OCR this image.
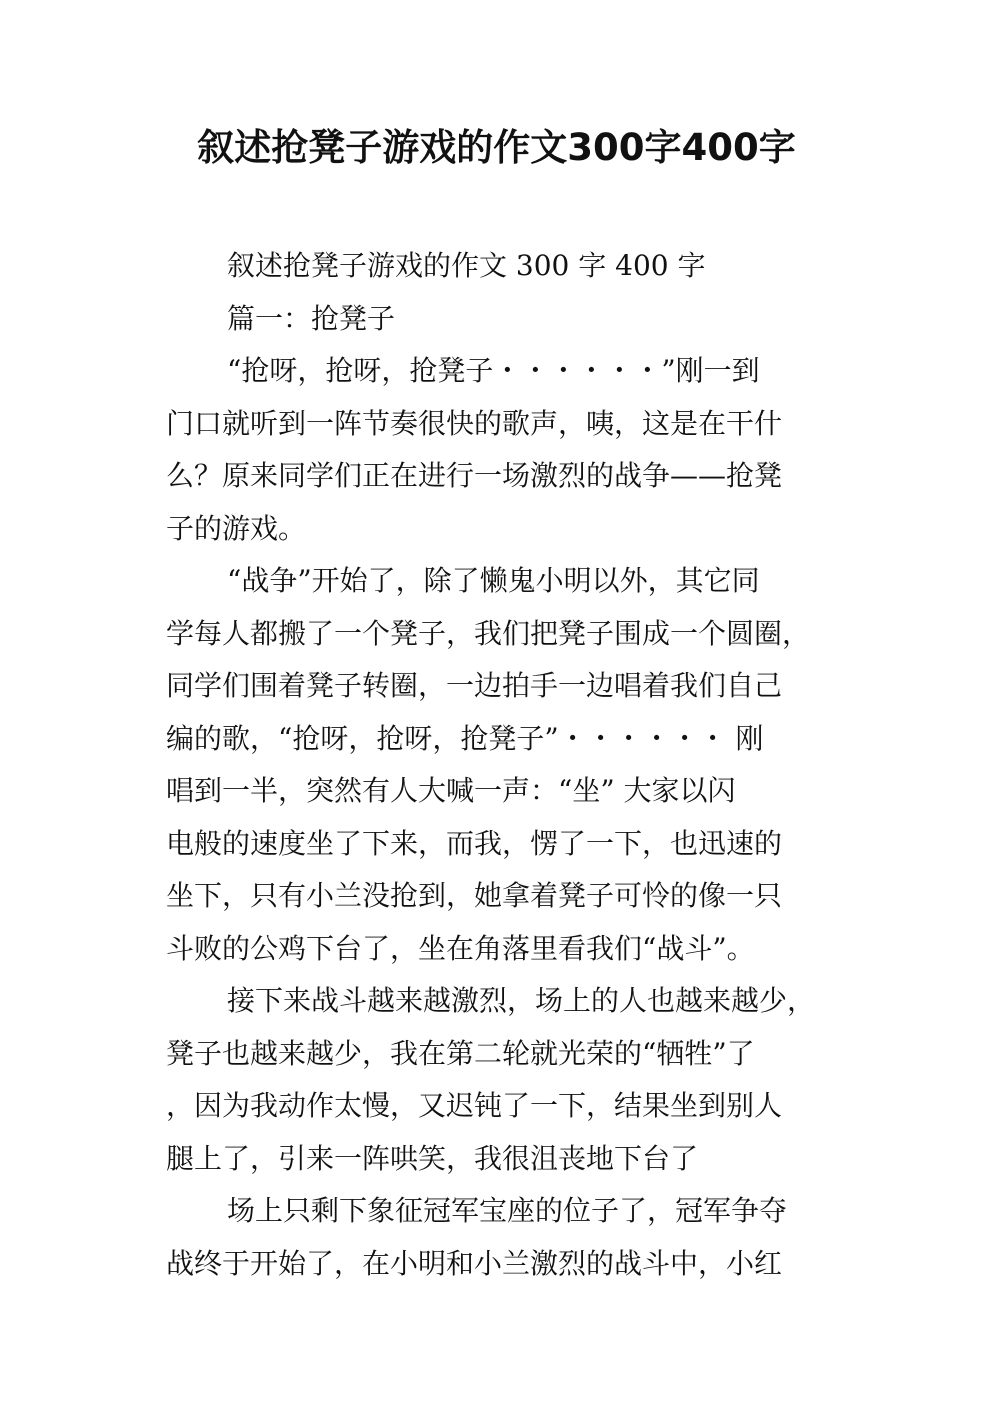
叙述抢凳子游戏的作文300字400字
叙述抢凳子游戏的作文 300 字 400 字
篇一：抢凳子
“抢呀，抢呀，抢凳子・・・・・・”刚一到
门口就听到一阵节奏很快的歌声，咦，这是在干什
么？原来同学们正在进行一场激烈的战争——抢凳
子的游戏。
“战争”开始了，除了懒鬼小明以外，其它同
学每人都搬了一个凳子，我们把凳子围成一个圆圈，
同学们围着凳子转圈，一边拍手一边唱着我们自己
编的歌，“抢呀，抢呀，抢凳子”・・・・・・ 刚
唱到一半，突然有人大喊一声：“坐” 大家以闪
电般的速度坐了下来，而我，愣了一下，也迅速的
坐下，只有小兰没抢到，她拿着凳子可怜的像一只
斗败的公鸡下台了，坐在角落里看我们“战斗”。
接下来战斗越来越激烈，场上的人也越来越少，
凳子也越来越少，我在第二轮就光荣的“牺牲”了
，因为我动作太慢，又迟钝了一下，结果坐到别人
腿上了，引来一阵哄笑，我很沮丧地下台了
场上只剩下象征冠军宝座的位子了，冠军争夺
战终于开始了，在小明和小兰激烈的战斗中，小红
